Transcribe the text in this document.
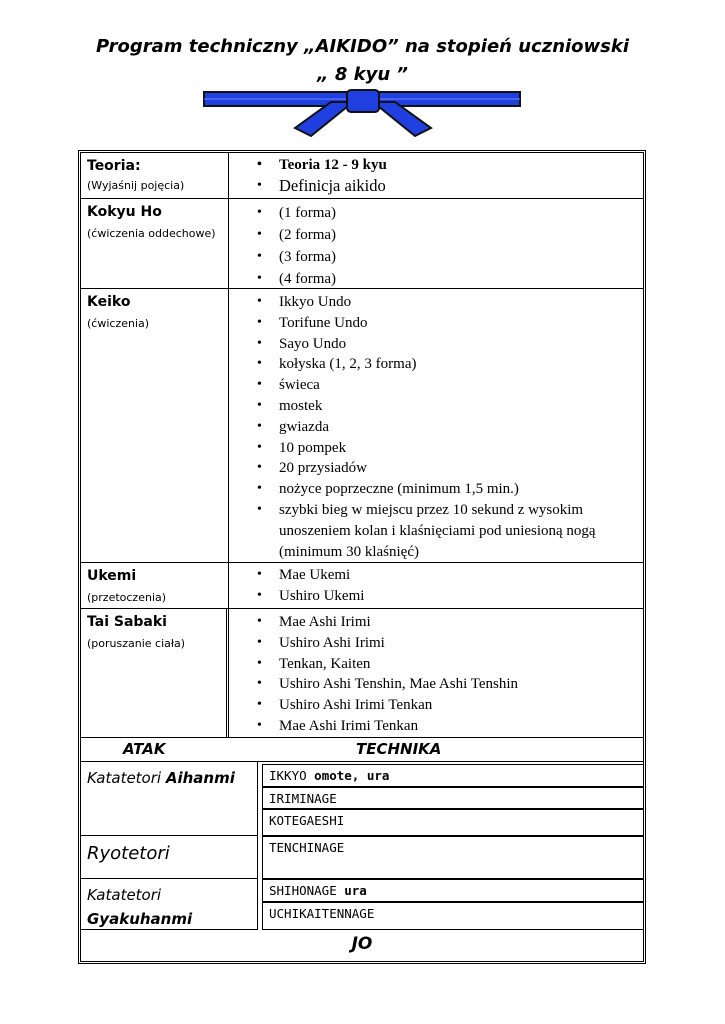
Program techniczny „AIKIDO” na stopień uczniowski
„ 8 kyu ”
Teoria:
(Wyjaśnij pojęcia)
• Teoria 12 - 9 kyu
• Definicja aikido
Kokyu Ho
(ćwiczenia oddechowe)
• (1 forma)
• (2 forma)
• (3 forma)
• (4 forma)
Keiko
(ćwiczenia)
• Ikkyo Undo
• Torifune Undo
• Sayo Undo
• kołyska (1, 2, 3 forma)
• świeca
• mostek
• gwiazda
• 10 pompek
• 20 przysiadów
• nożyce poprzeczne (minimum 1,5 min.)
• szybki bieg w miejscu przez 10 sekund z wysokim unoszeniem kolan i klaśnięciami pod uniesioną nogą (minimum 30 klaśnięć)
Ukemi
(przetoczenia)
• Mae Ukemi
• Ushiro Ukemi
Tai Sabaki
(poruszanie ciała)
• Mae Ashi Irimi
• Ushiro Ashi Irimi
• Tenkan, Kaiten
• Ushiro Ashi Tenshin, Mae Ashi Tenshin
• Ushiro Ashi Irimi Tenkan
• Mae Ashi Irimi Tenkan
ATAK	TECHNIKA
Katatetori Aihanmi
Ryotetori
Katatetori
Gyakuhanmi
IKKYO omote, ura
IRIMINAGE
KOTEGAESHI
TENCHINAGE
SHIHONAGE ura
UCHIKAITENNAGE
JO
